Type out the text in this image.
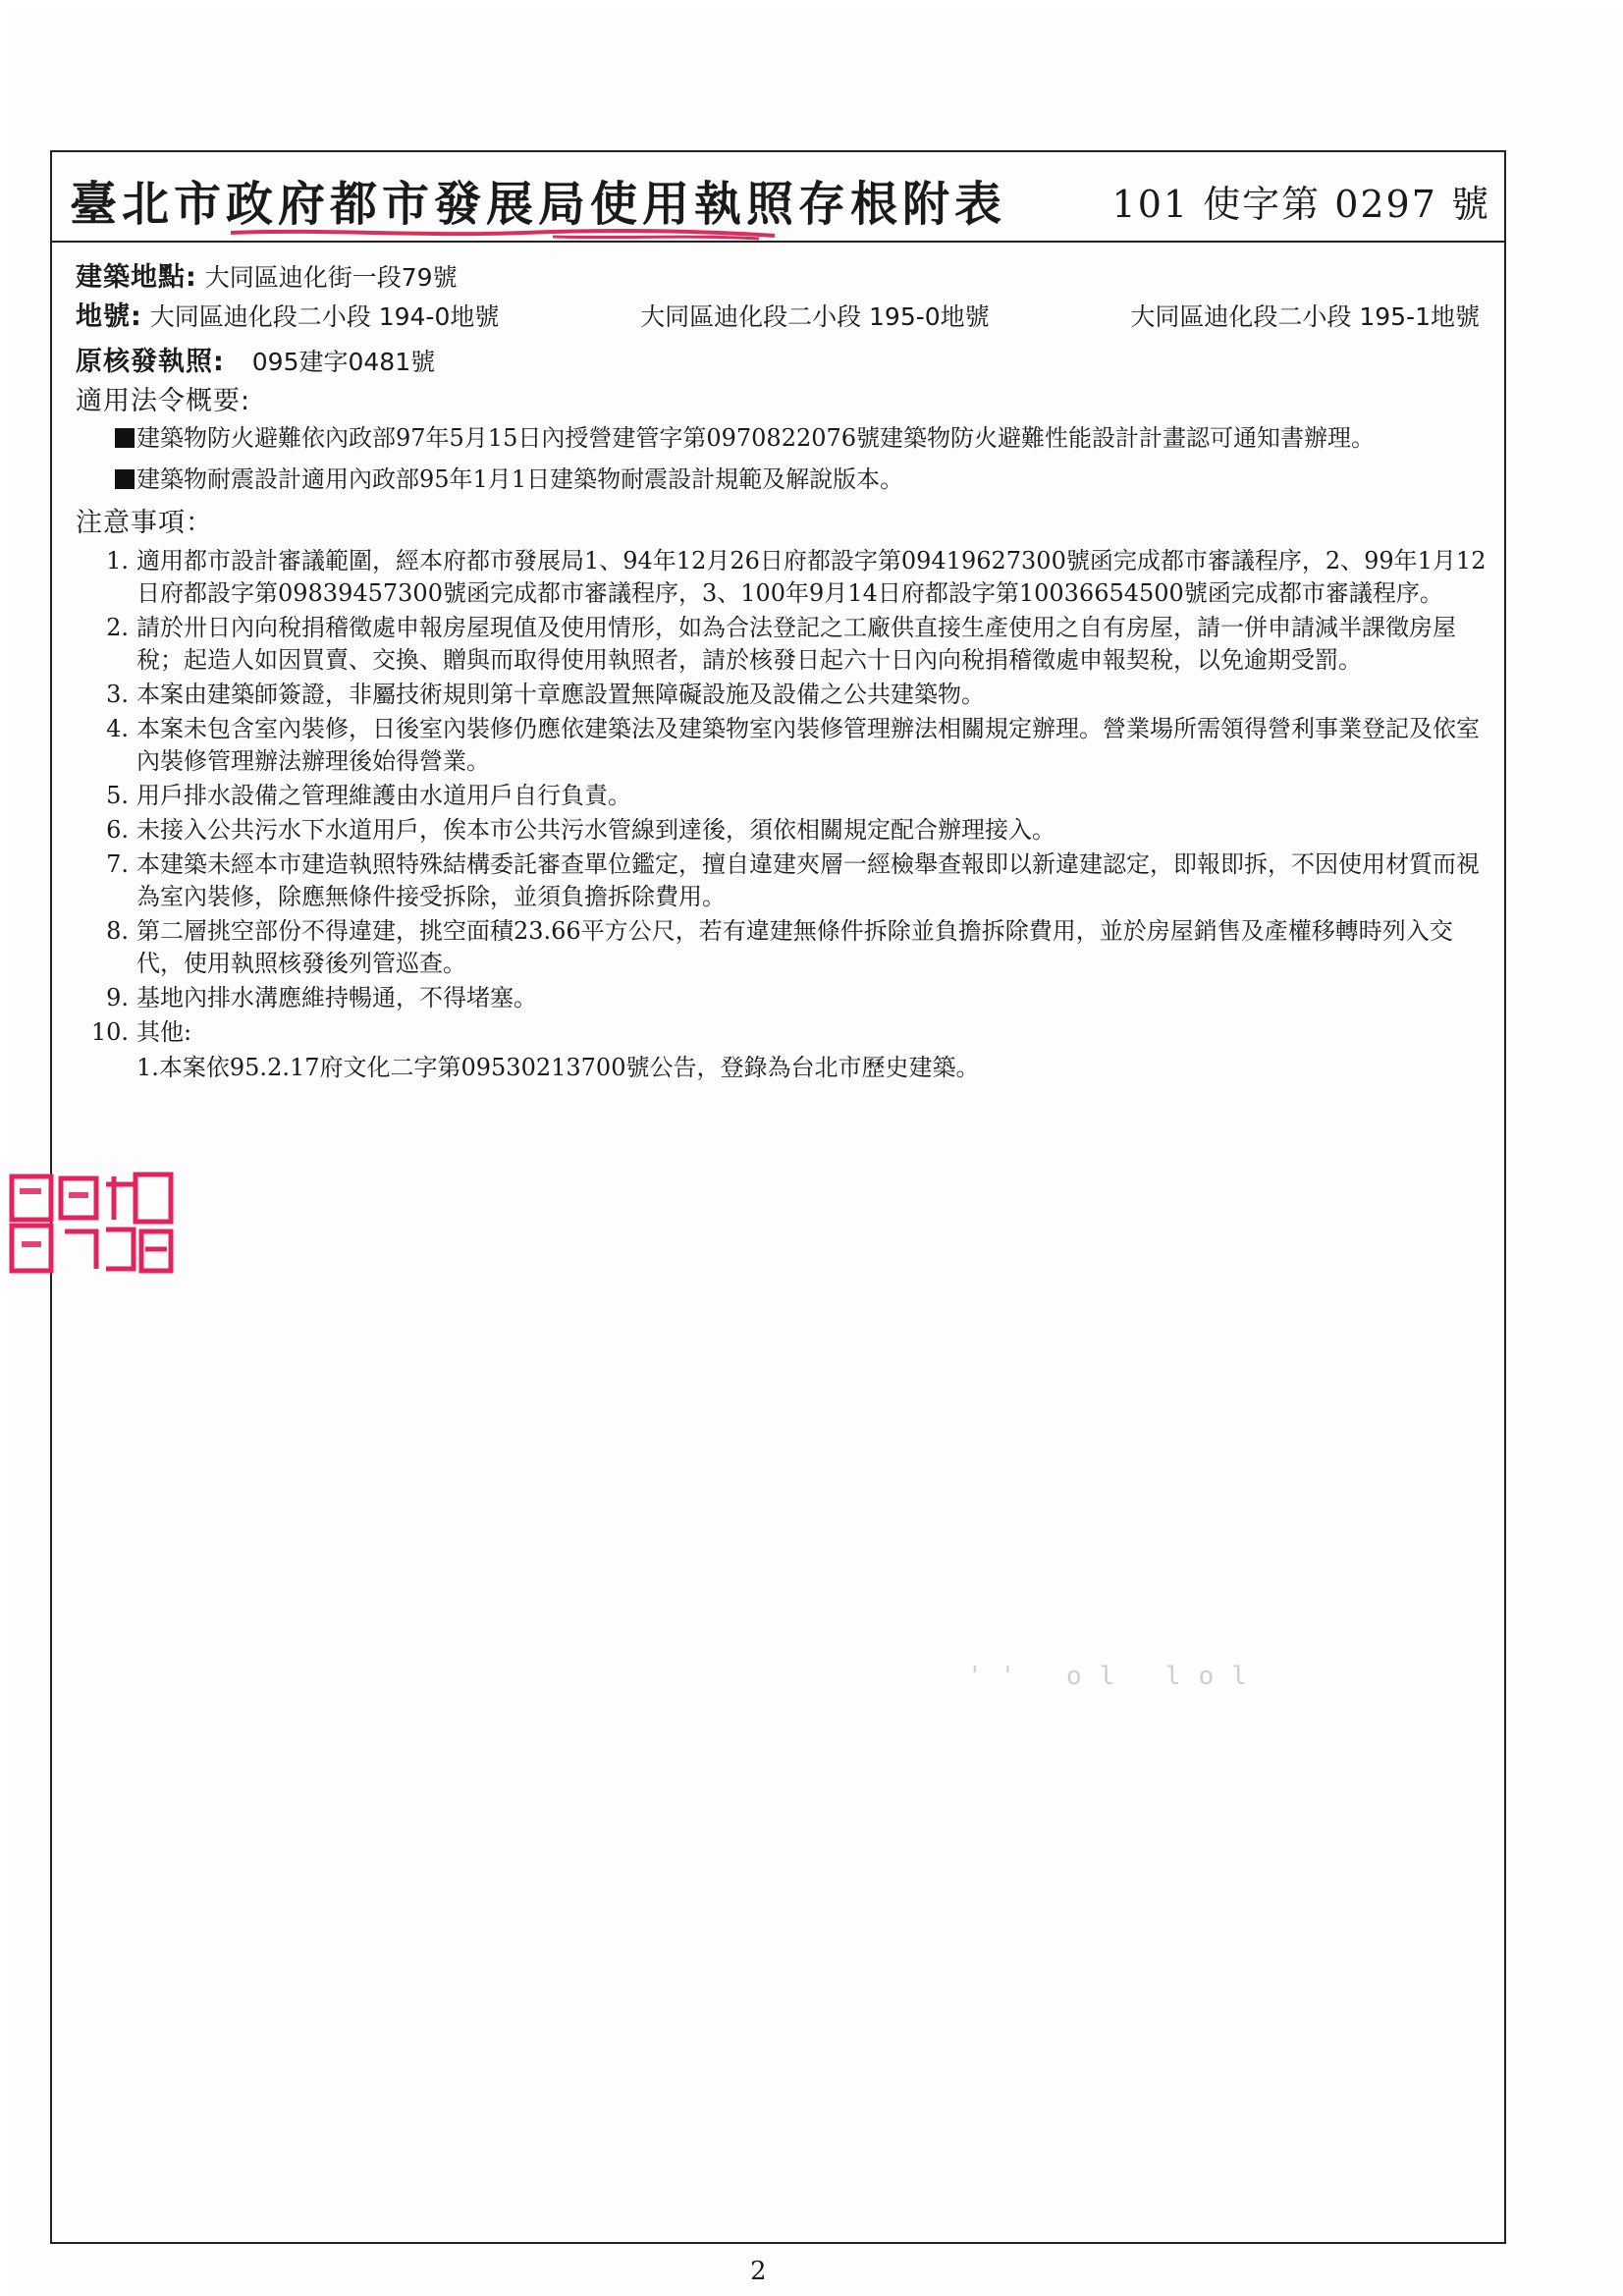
臺北市政府都市發展局使用執照存根附表	101 使字第 0297 號
建築地點: 大同區迪化街一段79號
地號: 大同區迪化段二小段 194-0地號	大同區迪化段二小段 195-0地號	大同區迪化段二小段 195-1地號
原核發執照: 095建字0481號
適用法令概要:
建築物防火避難依內政部97年5月15日內授營建管字第0970822076號建築物防火避難性能設計計畫認可通知書辦理。
建築物耐震設計適用內政部95年1月1日建築物耐震設計規範及解說版本。
注意事項：
1. 適用都市設計審議範圍，經本府都市發展局1、94年12月26日府都設字第09419627300號函完成都市審議程序，2、99年1月12日府都設字第09839457300號函完成都市審議程序，3、100年9月14日府都設字第10036654500號函完成都市審議程序。
2. 請於卅日內向稅捐稽徵處申報房屋現值及使用情形，如為合法登記之工廠供直接生產使用之自有房屋，請一併申請減半課徵房屋稅；起造人如因買賣、交換、贈與而取得使用執照者，請於核發日起六十日內向稅捐稽徵處申報契稅，以免逾期受罰。
3. 本案由建築師簽證，非屬技術規則第十章應設置無障礙設施及設備之公共建築物。
4. 本案未包含室內裝修，日後室內裝修仍應依建築法及建築物室內裝修管理辦法相關規定辦理。營業場所需領得營利事業登記及依室內裝修管理辦法辦理後始得營業。
5. 用戶排水設備之管理維護由水道用戶自行負責。
6. 未接入公共污水下水道用戶，俟本市公共污水管線到達後，須依相關規定配合辦理接入。
7. 本建築未經本市建造執照特殊結構委託審查單位鑑定，擅自違建夾層一經檢舉查報即以新違建認定，即報即拆，不因使用材質而視為室內裝修，除應無條件接受拆除，並須負擔拆除費用。
8. 第二層挑空部份不得違建，挑空面積23.66平方公尺，若有違建無條件拆除並負擔拆除費用，並於房屋銷售及產權移轉時列入交代，使用執照核發後列管巡查。
9. 基地內排水溝應維持暢通，不得堵塞。
10. 其他:
1.本案依95.2.17府文化二字第09530213700號公告，登錄為台北市歷史建築。
'' ol lol
2
